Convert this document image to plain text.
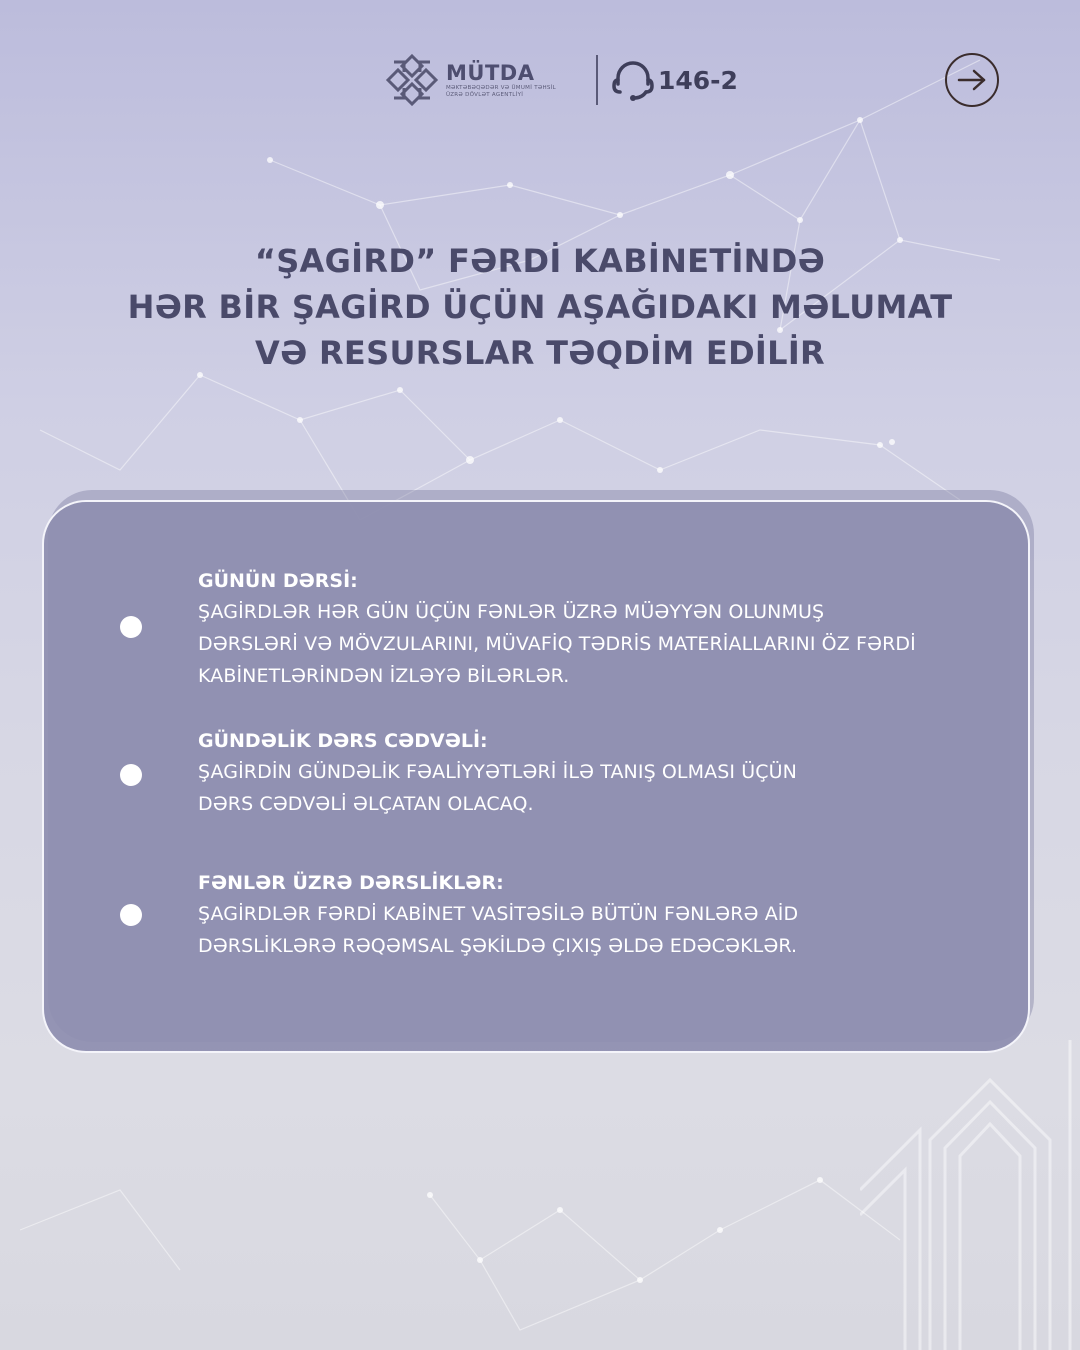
MÜTDA
MƏKTƏBƏQƏDƏR VƏ ÜMUMİ TƏHSİL
ÜZRƏ DÖVLƏT AGENTLİYİ
146-2
“ŞAGİRD” FƏRDİ KABİNETİNDƏ
HƏR BİR ŞAGİRD ÜÇÜN AŞAĞIDAKI MƏLUMAT
VƏ RESURSLAR TƏQDİM EDİLİR
GÜNÜN DƏRSİ:
ŞAGİRDLƏR HƏR GÜN ÜÇÜN FƏNLƏR ÜZRƏ MÜƏYYƏN OLUNMUŞ
DƏRSLƏRİ VƏ MÖVZULARINI, MÜVAFİQ TƏDRİS MATERİALLARINI ÖZ FƏRDİ
KABİNETLƏRİNDƏN İZLƏYƏ BİLƏRLƏR.
GÜNDƏLİK DƏRS CƏDVƏLİ:
ŞAGİRDİN GÜNDƏLİK FƏALİYYƏTLƏRİ İLƏ TANIŞ OLMASI ÜÇÜN
DƏRS CƏDVƏLİ ƏLÇATAN OLACAQ.
FƏNLƏR ÜZRƏ DƏRSLİKLƏR:
ŞAGİRDLƏR FƏRDİ KABİNET VASİTƏSİLƏ BÜTÜN FƏNLƏRƏ AİD
DƏRSLİKLƏRƏ RƏQƏMSAL ŞƏKİLDƏ ÇIXIŞ ƏLDƏ EDƏCƏKLƏR.
